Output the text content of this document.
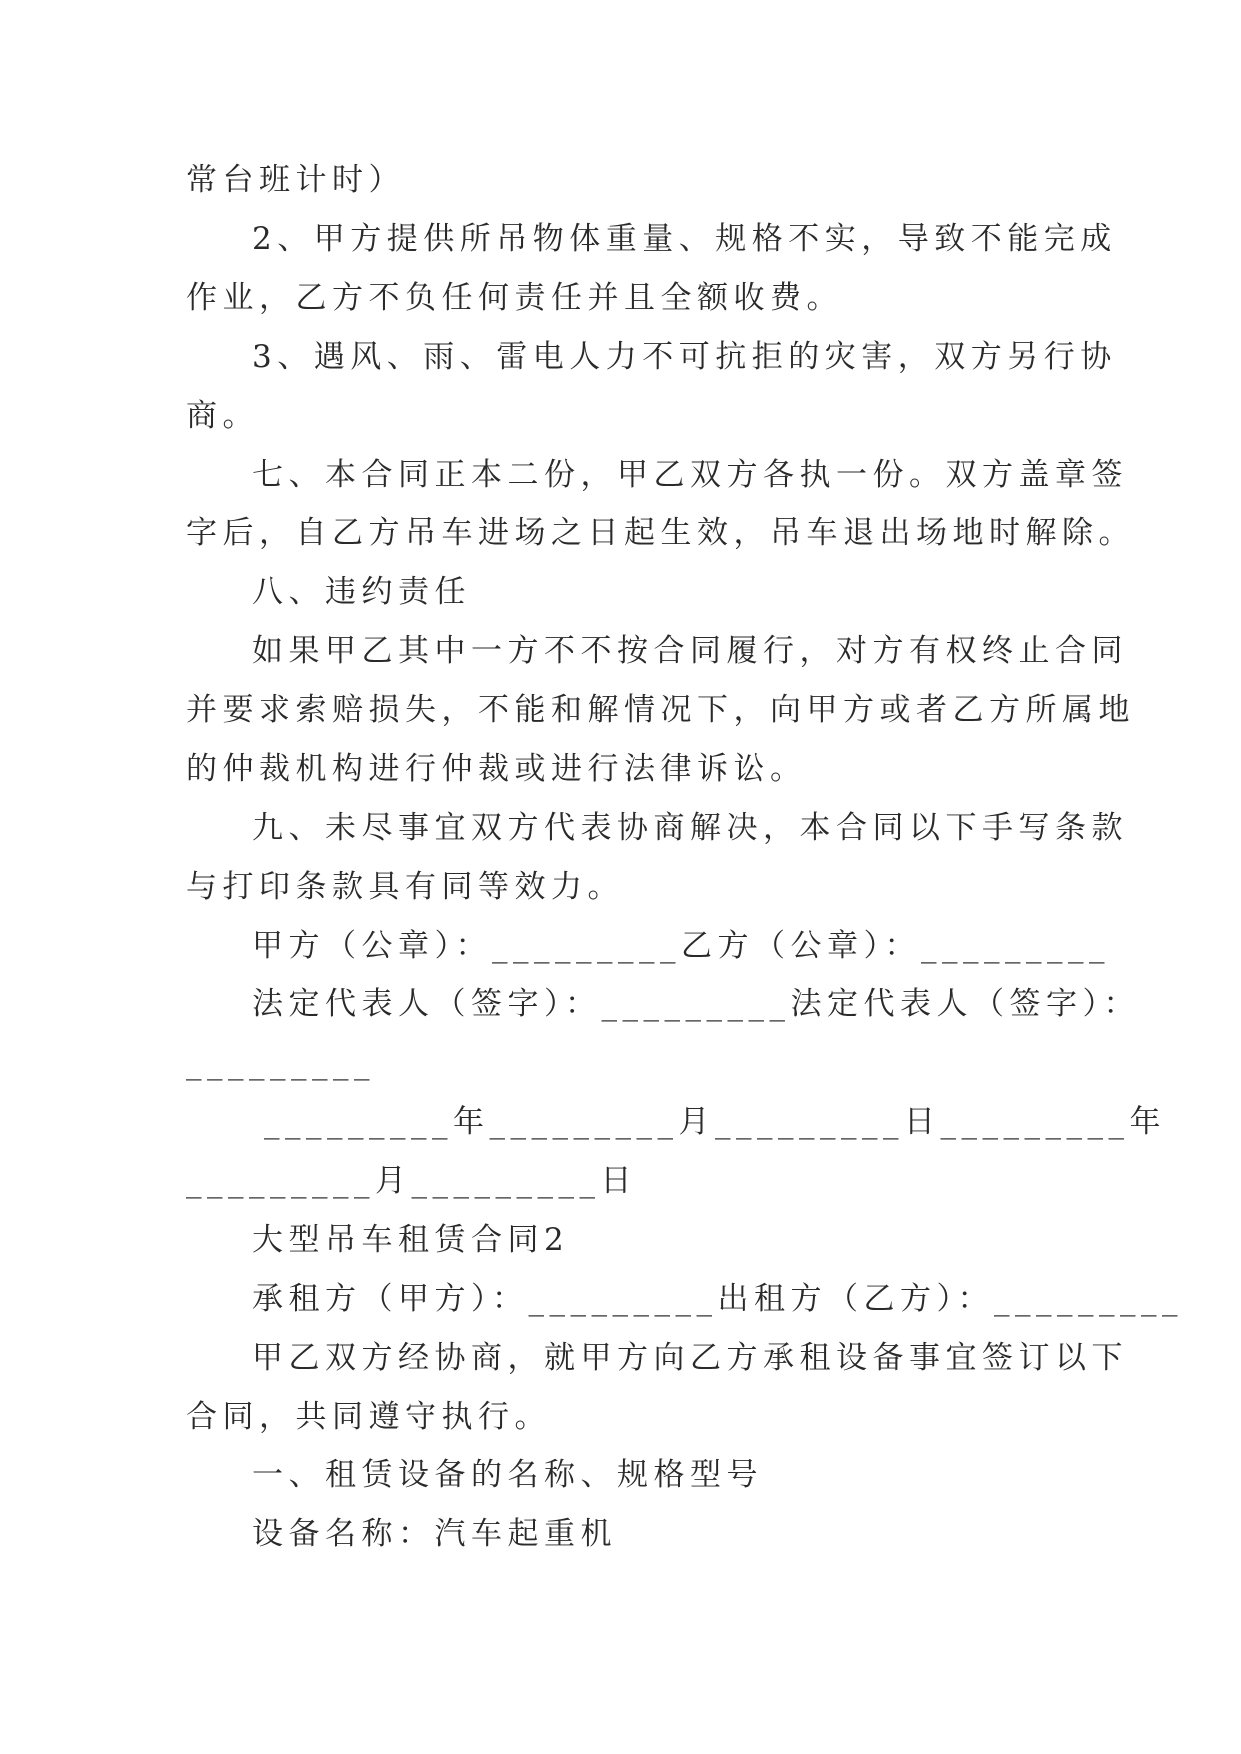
常台班计时）
2、甲方提供所吊物体重量、规格不实，导致不能完成
作业，乙方不负任何责任并且全额收费。
3、遇风、雨、雷电人力不可抗拒的灾害，双方另行协
商。
七、本合同正本二份，甲乙双方各执一份。双方盖章签
字后，自乙方吊车进场之日起生效，吊车退出场地时解除。
八、违约责任
如果甲乙其中一方不不按合同履行，对方有权终止合同
并要求索赔损失，不能和解情况下，向甲方或者乙方所属地
的仲裁机构进行仲裁或进行法律诉讼。
九、未尽事宜双方代表协商解决，本合同以下手写条款
与打印条款具有同等效力。
甲方（公章）：_________乙方（公章）：_________
法定代表人（签字）：_________法定代表人（签字）：
_________
_________年_________月_________日_________年
_________月_________日
大型吊车租赁合同2
承租方（甲方）：_________出租方（乙方）：_________
甲乙双方经协商，就甲方向乙方承租设备事宜签订以下
合同，共同遵守执行。
一、租赁设备的名称、规格型号
设备名称：汽车起重机
